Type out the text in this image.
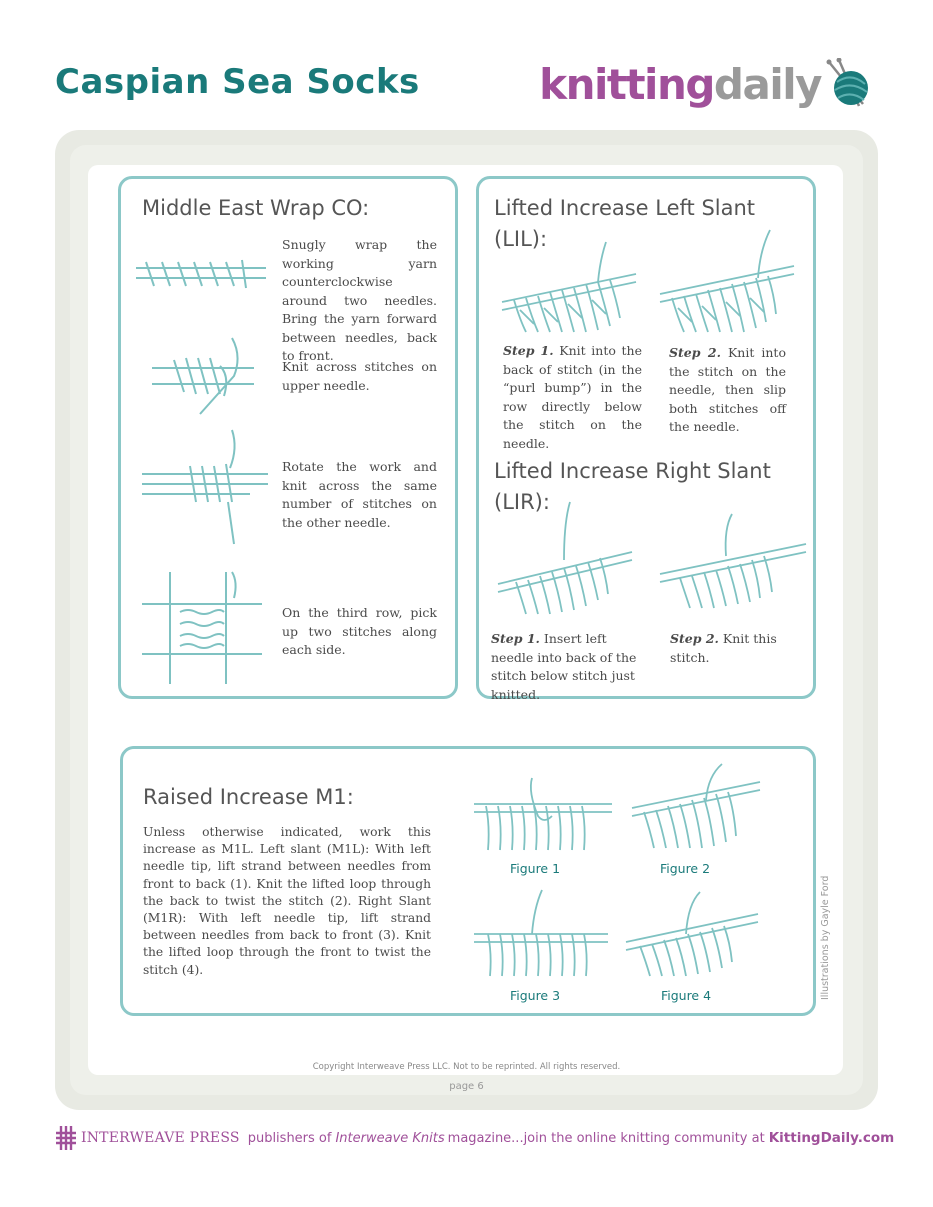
Caspian Sea Socks	knitting daily
Middle East Wrap CO:
Snugly wrap the working yarn counterclockwise around two needles. Bring the yarn forward between needles, back to front.
Knit across stitches on upper needle.
Rotate the work and knit across the same number of stitches on the other needle.
On the third row, pick up two stitches along each side.
Lifted Increase Left Slant (LIL):
Step 1. Knit into the back of stitch (in the “purl bump”) in the row directly below the stitch on the needle.
Step 2. Knit into the stitch on the needle, then slip both stitches off the needle.
Lifted Increase Right Slant (LIR):
Step 1. Insert left needle into back of the stitch below stitch just knitted.
Step 2. Knit this stitch.
Raised Increase M1:
Unless otherwise indicated, work this increase as M1L. Left slant (M1L): With left needle tip, lift strand between needles from front to back (1). Knit the lifted loop through the back to twist the stitch (2). Right Slant (M1R): With left needle tip, lift strand between needles from back to front (3). Knit the lifted loop through the front to twist the stitch (4).
Figure 1	Figure 2
Figure 3	Figure 4	Illustrations by Gayle Ford
Copyright Interweave Press LLC. Not to be reprinted. All rights reserved.
page 6
INTERWEAVE PRESS publishers of Interweave Knits magazine...join the online knitting community at KittingDaily.com
